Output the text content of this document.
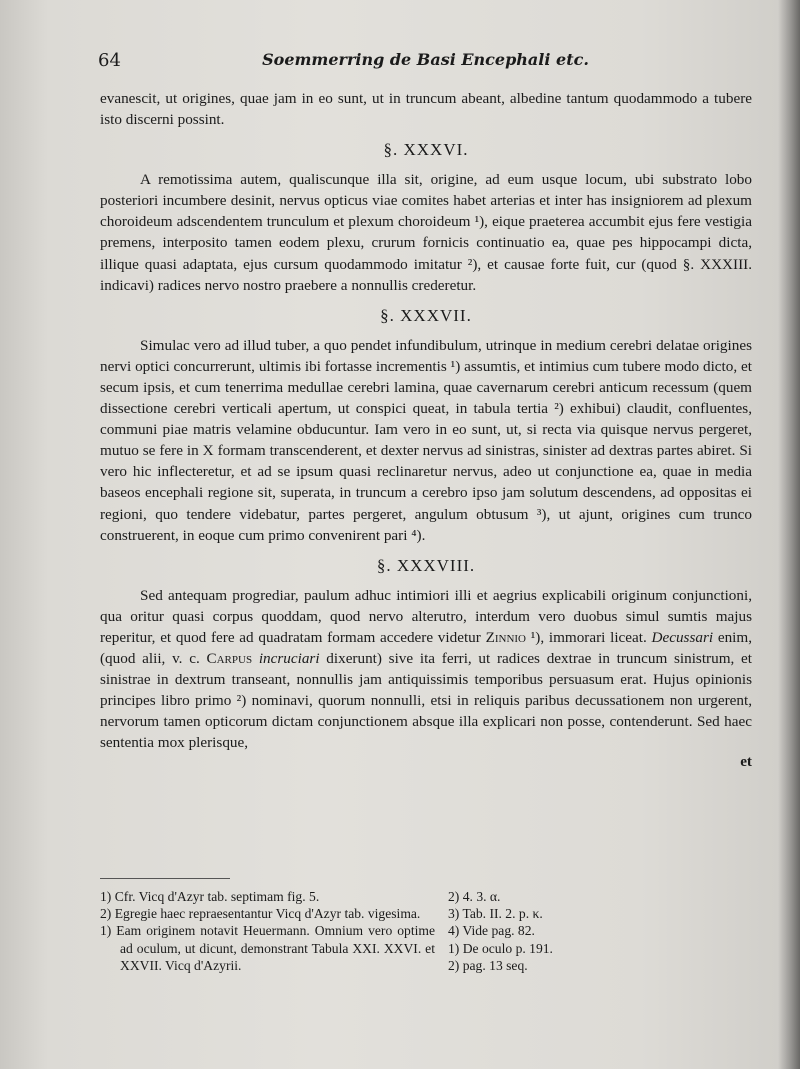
64	Soemmerring de Basi Encephali etc.

evanescit, ut origines, quae jam in eo sunt, ut in truncum abeant, albedine tantum quodammodo a tubere isto discerni possint.

§. XXXVI.

A remotissima autem, qualiscunque illa sit, origine, ad eum usque locum, ubi substrato lobo posteriori incumbere desinit, nervus opticus viae comites habet arterias et inter has insigniorem ad plexum choroideum adscendentem trunculum et plexum choroideum ¹), eique praeterea accumbit ejus fere vestigia premens, interposito tamen eodem plexu, crurum fornicis continuatio ea, quae pes hippocampi dicta, illique quasi adaptata, ejus cursum quodammodo imitatur ²), et causae forte fuit, cur (quod §. XXXIII. indicavi) radices nervo nostro praebere a nonnullis crederetur.

§. XXXVII.

Simulac vero ad illud tuber, a quo pendet infundibulum, utrinque in medium cerebri delatae origines nervi optici concurrerunt, ultimis ibi fortasse incrementis ¹) assumtis, et intimius cum tubere modo dicto, et secum ipsis, et cum tenerrima medullae cerebri lamina, quae cavernarum cerebri anticum recessum (quem dissectione cerebri verticali apertum, ut conspici queat, in tabula tertia ²) exhibui) claudit, confluentes, communi piae matris velamine obducuntur. Iam vero in eo sunt, ut, si recta via quisque nervus pergeret, mutuo se fere in X formam transcenderent, et dexter nervus ad sinistras, sinister ad dextras partes abiret. Si vero hic inflecteretur, et ad se ipsum quasi reclinaretur nervus, adeo ut conjunctione ea, quae in media baseos encephali regione sit, superata, in truncum a cerebro ipso jam solutum descendens, ad oppositas ei regioni, quo tendere videbatur, partes pergeret, angulum obtusum ³), ut ajunt, origines cum trunco construerent, in eoque cum primo convenirent pari ⁴).

§. XXXVIII.

Sed antequam progrediar, paulum adhuc intimiori illi et aegrius explicabili originum conjunctioni, qua oritur quasi corpus quoddam, quod nervo alterutro, interdum vero duobus simul sumtis majus reperitur, et quod fere ad quadratam formam accedere videtur Zinnio ¹), immorari liceat. Decussari enim, (quod alii, v. c. Carpus incruciari dixerunt) sive ita ferri, ut radices dextrae in truncum sinistrum, et sinistrae in dextrum transeant, nonnullis jam antiquissimis temporibus persuasum erat. Hujus opinionis principes libro primo ²) nominavi, quorum nonnulli, etsi in reliquis paribus decussationem non urgerent, nervorum tamen opticorum dictam conjunctionem absque illa explicari non posse, contenderunt. Sed haec sententia mox plerisque,

et
1) Cfr. Vicq d'Azyr tab. septimam fig. 5.
2) Egregie haec repraesentantur Vicq d'Azyr tab. vigesima.
1) Eam originem notavit Heuermann. Omnium vero optime ad oculum, ut dicunt, demonstrant Tabula XXI. XXVI. et XXVII. Vicq d'Azyrii.
2) 4. 3. α.
3) Tab. II. 2. p. κ.
4) Vide pag. 82.
1) De oculo p. 191.
2) pag. 13 seq.
